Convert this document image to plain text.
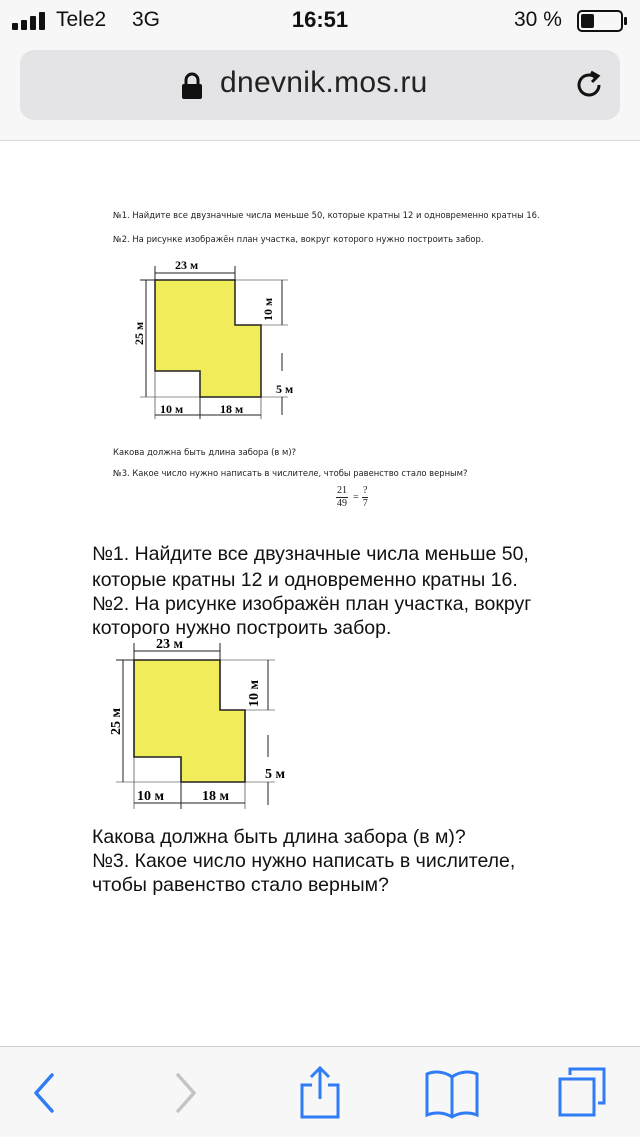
Tele2 3G	16:51	30 %
dnevnik.mos.ru
№1. Найдите все двузначные числа меньше 50, которые кратны 12 и одновременно кратны 16.
№2. На рисунке изображён план участка, вокруг которого нужно построить забор.
23 м
25 м
10 м
5 м
10 м	18 м
Какова должна быть длина забора (в м)?
№3. Какое число нужно написать в числителе, чтобы равенство стало верным?
$\frac{21}{49}$ =
?
7
№1. Найдите все двузначные числа меньше 50,
которые кратны 12 и одновременно кратны 16.
№2. На рисунке изображён план участка, вокруг
которого нужно построить забор.
23 м
25 м
10 м
5 м
10 м	18 м
Какова должна быть длина забора (в м)?
№3. Какое число нужно написать в числителе,
чтобы равенство стало верным?
